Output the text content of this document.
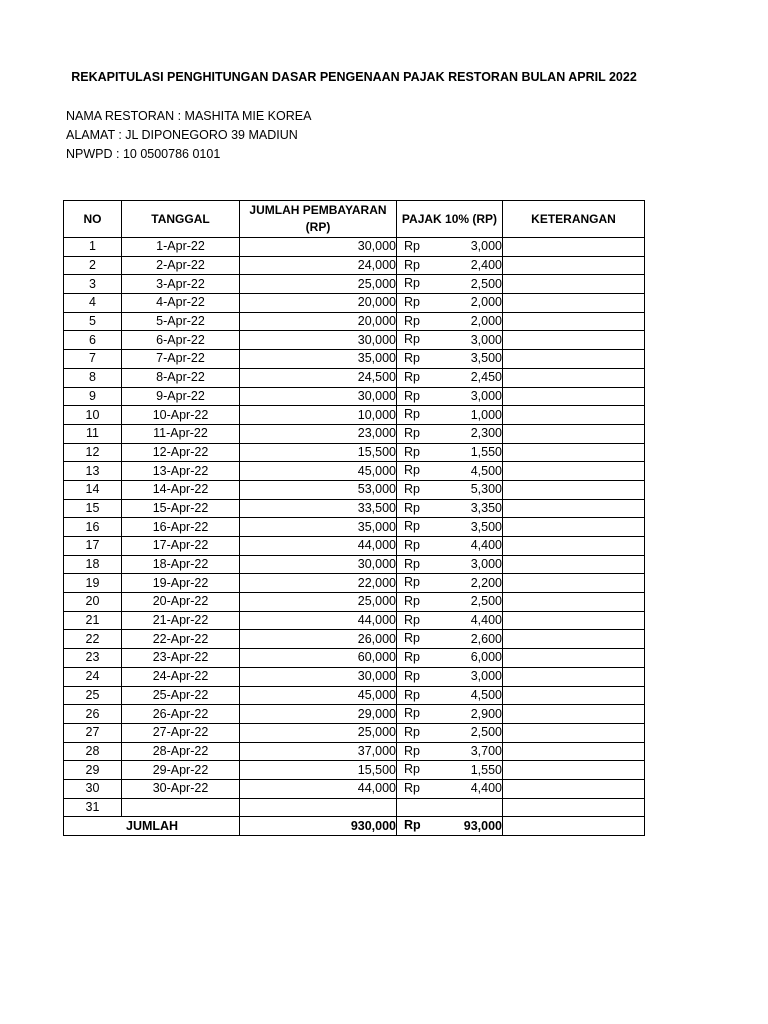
REKAPITULASI PENGHITUNGAN DASAR PENGENAAN PAJAK RESTORAN BULAN APRIL 2022
NAMA RESTORAN : MASHITA MIE KOREA
ALAMAT : JL DIPONEGORO 39 MADIUN
NPWPD : 10 0500786 0101
NO	TANGGAL	JUMLAH PEMBAYARAN (RP)	PAJAK 10% (RP)	KETERANGAN
1	1-Apr-22	30,000	Rp 3,000	
2	2-Apr-22	24,000	Rp 2,400	
3	3-Apr-22	25,000	Rp 2,500	
4	4-Apr-22	20,000	Rp 2,000	
5	5-Apr-22	20,000	Rp 2,000	
6	6-Apr-22	30,000	Rp 3,000	
7	7-Apr-22	35,000	Rp 3,500	
8	8-Apr-22	24,500	Rp 2,450	
9	9-Apr-22	30,000	Rp 3,000	
10	10-Apr-22	10,000	Rp 1,000	
11	11-Apr-22	23,000	Rp 2,300	
12	12-Apr-22	15,500	Rp 1,550	
13	13-Apr-22	45,000	Rp 4,500	
14	14-Apr-22	53,000	Rp 5,300	
15	15-Apr-22	33,500	Rp 3,350	
16	16-Apr-22	35,000	Rp 3,500	
17	17-Apr-22	44,000	Rp 4,400	
18	18-Apr-22	30,000	Rp 3,000	
19	19-Apr-22	22,000	Rp 2,200	
20	20-Apr-22	25,000	Rp 2,500	
21	21-Apr-22	44,000	Rp 4,400	
22	22-Apr-22	26,000	Rp 2,600	
23	23-Apr-22	60,000	Rp 6,000	
24	24-Apr-22	30,000	Rp 3,000	
25	25-Apr-22	45,000	Rp 4,500	
26	26-Apr-22	29,000	Rp 2,900	
27	27-Apr-22	25,000	Rp 2,500	
28	28-Apr-22	37,000	Rp 3,700	
29	29-Apr-22	15,500	Rp 1,550	
30	30-Apr-22	44,000	Rp 4,400	
31			

JUMLAH		930,000	Rp 93,000	
